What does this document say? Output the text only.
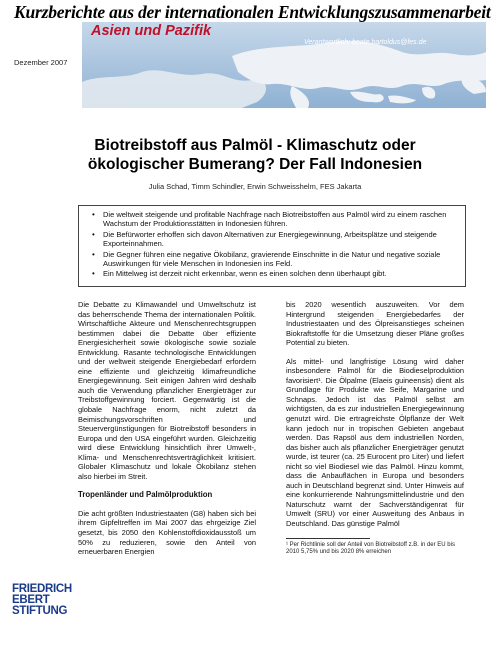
Kurzberichte aus der internationalen Entwicklungszusammenarbeit
Dezember 2007
Asien und Pazifik
Verantwortlich: beate.bartoldus@fes.de
Biotreibstoff aus Palmöl - Klimaschutz oder
ökologischer Bumerang? Der Fall Indonesien
Julia Schad, Timm Schindler, Erwin Schweisshelm, FES Jakarta
• Die weltweit steigende und profitable Nachfrage nach Biotreibstoffen aus Palmöl wird zu einem raschen Wachstum der Produktionsstätten in Indonesien führen.
• Die Befürworter erhoffen sich davon Alternativen zur Energiegewinnung, Arbeitsplätze und steigende Exporteinnahmen.
• Die Gegner führen eine negative Ökobilanz, gravierende Einschnitte in die Natur und negative soziale Auswirkungen für viele Menschen in Indonesien ins Feld.
• Ein Mittelweg ist derzeit nicht erkennbar, wenn es einen solchen denn überhaupt gibt.

Die Debatte zu Klimawandel und Umweltschutz ist das beherrschende Thema der internationalen Politik. Wirtschaftliche Akteure und Menschenrechtsgruppen bestimmen dabei die Debatte über effiziente Energiesicherheit sowie ökologische sowie soziale Entwicklung. Rasante technologische Entwicklungen und der weltweit steigende Energiebedarf erfordern eine effiziente und gleichzeitig klimafreundliche Energiegewinnung. Seit einigen Jahren wird deshalb auch die Verwendung pflanzlicher Energieträger zur Treibstoffgewinnung forciert. Gegenwärtig ist die globale Nachfrage enorm, nicht zuletzt da Beimischungsvorschriften und Steuervergünstigungen für Biotreibstoff besonders in Europa und den USA eingeführt wurden. Gleichzeitig wird diese Entwicklung hinsichtlich ihrer Umwelt-, Klima- und Menschenrechtsverträglichkeit kritisiert. Globaler Klimaschutz und lokale Ökobilanz stehen also hierbei im Streit.

Tropenländer und Palmölproduktion

Die acht größten Industriestaaten (G8) haben sich bei ihrem Gipfeltreffen im Mai 2007 das ehrgeizige Ziel gesetzt, bis 2050 den Kohlenstoffdioxidausstoß um 50% zu reduzieren, sowie den Anteil von erneuerbaren Energien

bis 2020 wesentlich auszuweiten. Vor dem Hintergrund steigenden Energiebedarfes der Industriestaaten und des Ölpreisanstieges scheinen Biokraftstoffe für die Umsetzung dieser Pläne großes Potential zu bieten.

Als mittel- und langfristige Lösung wird daher insbesondere Palmöl für die Biodieselproduktion favorisiert¹. Die Ölpalme (Elaeis guineensis) dient als Grundlage für Produkte wie Seife, Margarine und Schnaps. Jedoch ist das Palmöl selbst am wichtigsten, da es zur industriellen Energiegewinnung genutzt wird. Die ertragreichste Ölpflanze der Welt kann jedoch nur in tropischen Gebieten angebaut werden. Das Rapsöl aus dem industriellen Norden, das bisher auch als pflanzlicher Energieträger genutzt wurde, ist teurer (ca. 25 Eurocent pro Liter) und liefert nicht so viel Biodiesel wie das Palmöl. Hinzu kommt, dass die Anbauflächen in Europa und besonders auch in Deutschland begrenzt sind. Unter Hinweis auf eine konkurrierende Nahrungsmittelindustrie und den Naturschutz warnt der Sachverständigenrat für Umwelt (SRU) vor einer Ausweitung des Anbaus in Deutschland. Das günstige Palmöl

¹ Per Richtlinie soll der Anteil von Biotreibstoff z.B. in der EU bis 2010 5,75% und bis 2020 8% erreichen
FRIEDRICH
EBERT
STIFTUNG
